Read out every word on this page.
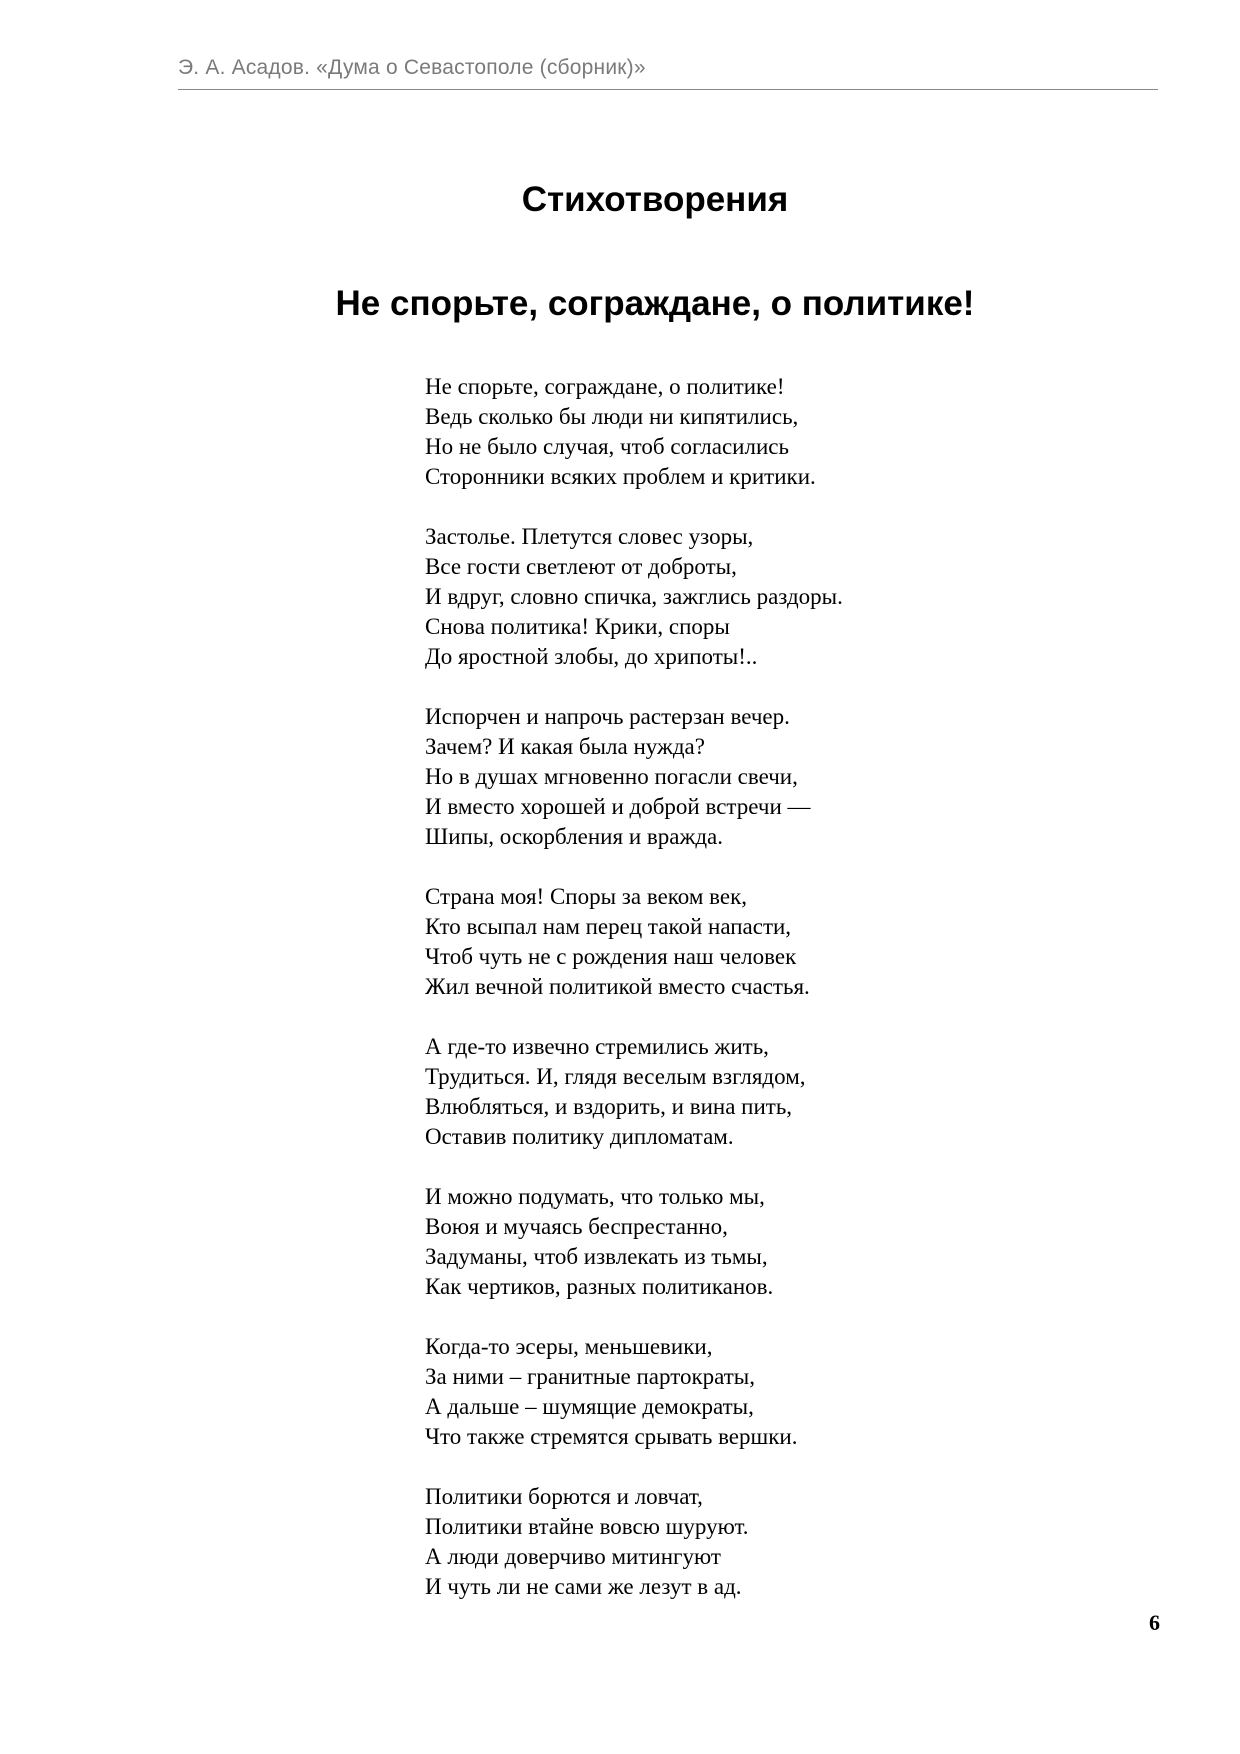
Э. А. Асадов. «Дума о Севастополе (сборник)»
Стихотворения
Не спорьте, сограждане, о политике!
Не спорьте, сограждане, о политике!
Ведь сколько бы люди ни кипятились,
Но не было случая, чтоб согласились
Сторонники всяких проблем и критики.
Застолье. Плетутся словес узоры,
Все гости светлеют от доброты,
И вдруг, словно спичка, зажглись раздоры.
Снова политика! Крики, споры
До яростной злобы, до хрипоты!..
Испорчен и напрочь растерзан вечер.
Зачем? И какая была нужда?
Но в душах мгновенно погасли свечи,
И вместо хорошей и доброй встречи —
Шипы, оскорбления и вражда.
Страна моя! Споры за веком век,
Кто всыпал нам перец такой напасти,
Чтоб чуть не с рождения наш человек
Жил вечной политикой вместо счастья.
А где-то извечно стремились жить,
Трудиться. И, глядя веселым взглядом,
Влюбляться, и вздорить, и вина пить,
Оставив политику дипломатам.
И можно подумать, что только мы,
Воюя и мучаясь беспрестанно,
Задуманы, чтоб извлекать из тьмы,
Как чертиков, разных политиканов.
Когда-то эсеры, меньшевики,
За ними – гранитные партократы,
А дальше – шумящие демократы,
Что также стремятся срывать вершки.
Политики борются и ловчат,
Политики втайне вовсю шуруют.
А люди доверчиво митингуют
И чуть ли не сами же лезут в ад.
6
